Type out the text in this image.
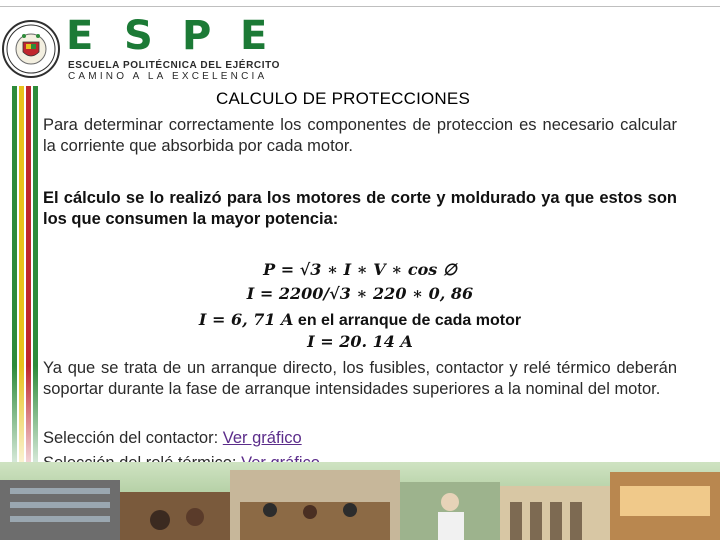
E S P E
ESCUELA POLITÉCNICA DEL EJÉRCITO
CAMINO A LA EXCELENCIA
CALCULO DE PROTECCIONES
Para determinar correctamente los componentes de proteccion es necesario calcular la corriente que absorbida por cada motor.
El cálculo se lo realizó para los motores de corte y moldurado ya que estos son los que consumen la mayor potencia:
P = √3 ∗ I ∗ V ∗ cos ∅
I = 2200/√3 ∗ 220 ∗ 0, 86
I = 6, 71 A en el arranque de cada motor
I = 20. 14 A
Ya que se trata de un arranque directo, los fusibles, contactor y relé térmico deberán soportar durante la fase de arranque intensidades superiores a la nominal del motor.
Selección del contactor: Ver gráfico
